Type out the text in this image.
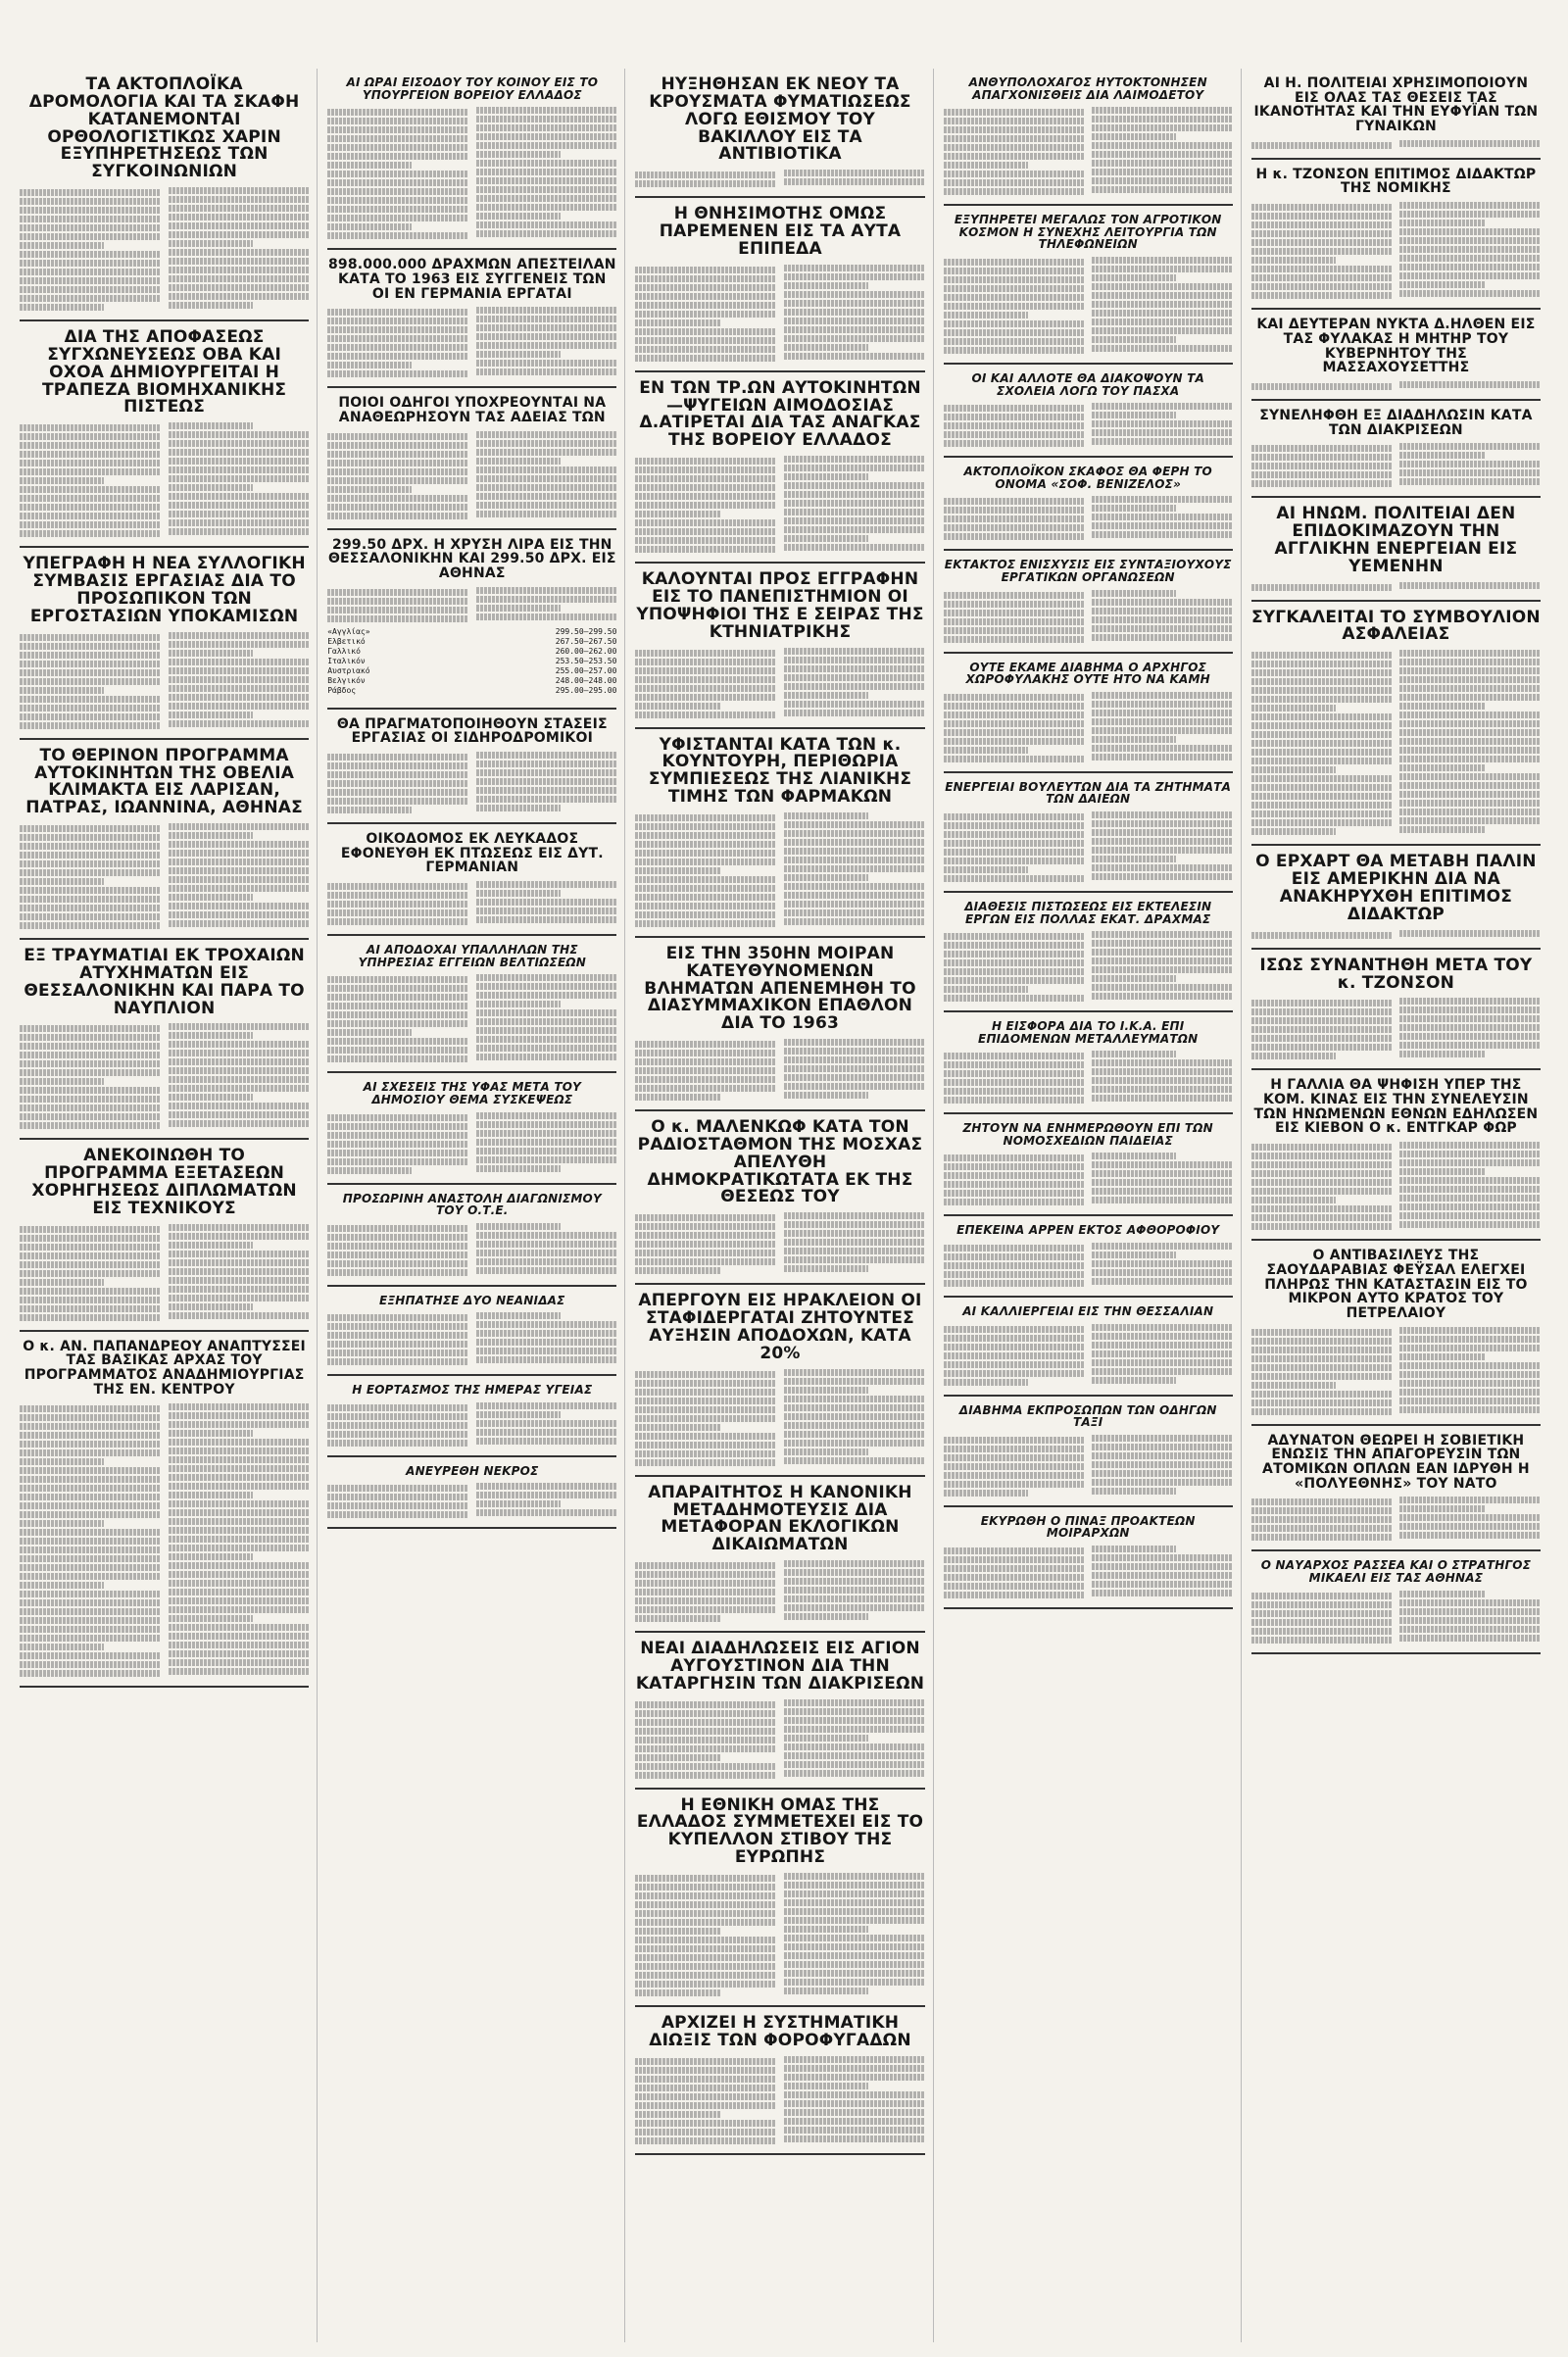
ΤΑ ΑΚΤΟΠΛΟΪΚΑ ΔΡΟΜΟΛΟΓΙΑ ΚΑΙ ΤΑ ΣΚΑΦΗ ΚΑΤΑΝΕΜΟΝΤΑΙ ΟΡΘΟΛΟΓΙΣΤΙΚΩΣ ΧΑΡΙΝ ΕΞΥΠΗΡΕΤΗΣΕΩΣ ΤΩΝ ΣΥΓΚΟΙΝΩΝΙΩΝ
ΔΙΑ ΤΗΣ ΑΠΟΦΑΣΕΩΣ ΣΥΓΧΩΝΕΥΣΕΩΣ ΟΒΑ ΚΑΙ ΟΧΟΑ ΔΗΜΙΟΥΡΓΕΙΤΑΙ Η ΤΡΑΠΕΖΑ ΒΙΟΜΗΧΑΝΙΚΗΣ ΠΙΣΤΕΩΣ
ΥΠΕΓΡΑΦΗ Η ΝΕΑ ΣΥΛΛΟΓΙΚΗ ΣΥΜΒΑΣΙΣ ΕΡΓΑΣΙΑΣ ΔΙΑ ΤΟ ΠΡΟΣΩΠΙΚΟΝ ΤΩΝ ΕΡΓΟΣΤΑΣΙΩΝ ΥΠΟΚΑΜΙΣΩΝ
ΤΟ ΘΕΡΙΝΟΝ ΠΡΟΓΡΑΜΜΑ ΑΥΤΟΚΙΝΗΤΩΝ ΤΗΣ ΟΒΕΛΙΑ ΚΛΙΜΑΚΤΑ ΕΙΣ ΛΑΡΙΣΑΝ, ΠΑΤΡΑΣ, ΙΩΑΝΝΙΝΑ, ΑΘΗΝΑΣ
ΕΞ ΤΡΑΥΜΑΤΙΑΙ ΕΚ ΤΡΟΧΑΙΩΝ ΑΤΥΧΗΜΑΤΩΝ ΕΙΣ ΘΕΣΣΑΛΟΝΙΚΗΝ ΚΑΙ ΠΑΡΑ ΤΟ ΝΑΥΠΛΙΟΝ
ΑΝΕΚΟΙΝΩΘΗ ΤΟ ΠΡΟΓΡΑΜΜΑ ΕΞΕΤΑΣΕΩΝ ΧΟΡΗΓΗΣΕΩΣ ΔΙΠΛΩΜΑΤΩΝ ΕΙΣ ΤΕΧΝΙΚΟΥΣ
Ο κ. ΑΝ. ΠΑΠΑΝΔΡΕΟΥ ΑΝΑΠΤΥΣΣΕΙ ΤΑΣ ΒΑΣΙΚΑΣ ΑΡΧΑΣ ΤΟΥ ΠΡΟΓΡΑΜΜΑΤΟΣ ΑΝΑΔΗΜΙΟΥΡΓΙΑΣ ΤΗΣ ΕΝ. ΚΕΝΤΡΟΥ
ΑΙ ΩΡΑΙ ΕΙΣΟΔΟΥ ΤΟΥ ΚΟΙΝΟΥ ΕΙΣ ΤΟ ΥΠΟΥΡΓΕΙΟΝ ΒΟΡΕΙΟΥ ΕΛΛΑΔΟΣ
898.000.000 ΔΡΑΧΜΩΝ ΑΠΕΣΤΕΙΛΑΝ ΚΑΤΑ ΤΟ 1963 ΕΙΣ ΣΥΓΓΕΝΕΙΣ ΤΩΝ ΟΙ ΕΝ ΓΕΡΜΑΝΙΑ ΕΡΓΑΤΑΙ
ΠΟΙΟΙ ΟΔΗΓΟΙ ΥΠΟΧΡΕΟΥΝΤΑΙ ΝΑ ΑΝΑΘΕΩΡΗΣΟΥΝ ΤΑΣ ΑΔΕΙΑΣ ΤΩΝ
299.50 ΔΡΧ. Η ΧΡΥΣΗ ΛΙΡΑ ΕΙΣ ΤΗΝ ΘΕΣΣΑΛΟΝΙΚΗΝ ΚΑΙ 299.50 ΔΡΧ. ΕΙΣ ΑΘΗΝΑΣ
«Αγγλίας»	299.50—299.50
Ελβετικό	267.50—267.50
Γαλλικό	260.00—262.00
Ιταλικόν	253.50—253.50
Αυστριακό	255.00—257.00
Βελγικόν	248.00—248.00
Ράβδος	295.00—295.00
ΘΑ ΠΡΑΓΜΑΤΟΠΟΙΗΘΟΥΝ ΣΤΑΣΕΙΣ ΕΡΓΑΣΙΑΣ ΟΙ ΣΙΔΗΡΟΔΡΟΜΙΚΟΙ
ΟΙΚΟΔΟΜΟΣ ΕΚ ΛΕΥΚΑΔΟΣ ΕΦΟΝΕΥΘΗ ΕΚ ΠΤΩΣΕΩΣ ΕΙΣ ΔΥΤ. ΓΕΡΜΑΝΙΑΝ
ΑΙ ΑΠΟΔΟΧΑΙ ΥΠΑΛΛΗΛΩΝ ΤΗΣ ΥΠΗΡΕΣΙΑΣ ΕΓΓΕΙΩΝ ΒΕΛΤΙΩΣΕΩΝ
ΑΙ ΣΧΕΣΕΙΣ ΤΗΣ ΥΦΑΣ ΜΕΤΑ ΤΟΥ ΔΗΜΟΣΙΟΥ ΘΕΜΑ ΣΥΣΚΕΨΕΩΣ
ΠΡΟΣΩΡΙΝΗ ΑΝΑΣΤΟΛΗ ΔΙΑΓΩΝΙΣΜΟΥ ΤΟΥ Ο.Τ.Ε.
ΕΞΗΠΑΤΗΣΕ ΔΥΟ ΝΕΑΝΙΔΑΣ
Η ΕΟΡΤΑΣΜΟΣ ΤΗΣ ΗΜΕΡΑΣ ΥΓΕΙΑΣ
ΑΝΕΥΡΕΘΗ ΝΕΚΡΟΣ
ΗΥΞΗΘΗΣΑΝ ΕΚ ΝΕΟΥ ΤΑ ΚΡΟΥΣΜΑΤΑ ΦΥΜΑΤΙΩΣΕΩΣ ΛΟΓΩ ΕΘΙΣΜΟΥ ΤΟΥ ΒΑΚΙΛΛΟΥ ΕΙΣ ΤΑ ΑΝΤΙΒΙΟΤΙΚΑ
Η ΘΝΗΣΙΜΟΤΗΣ ΟΜΩΣ ΠΑΡΕΜΕΝΕΝ ΕΙΣ ΤΑ ΑΥΤΑ ΕΠΙΠΕΔΑ
ΕΝ ΤΩΝ ΤΡ.ΩΝ ΑΥΤΟΚΙΝΗΤΩΝ—ΨΥΓΕΙΩΝ ΑΙΜΟΔΟΣΙΑΣ Δ.ΑΤΙΡΕΤΑΙ ΔΙΑ ΤΑΣ ΑΝΑΓΚΑΣ ΤΗΣ ΒΟΡΕΙΟΥ ΕΛΛΑΔΟΣ
ΚΑΛΟΥΝΤΑΙ ΠΡΟΣ ΕΓΓΡΑΦΗΝ ΕΙΣ ΤΟ ΠΑΝΕΠΙΣΤΗΜΙΟΝ ΟΙ ΥΠΟΨΗΦΙΟΙ ΤΗΣ Ε ΣΕΙΡΑΣ ΤΗΣ ΚΤΗΝΙΑΤΡΙΚΗΣ
ΥΦΙΣΤΑΝΤΑΙ ΚΑΤΑ ΤΩΝ κ. ΚΟΥΝΤΟΥΡΗ, ΠΕΡΙΘΩΡΙΑ ΣΥΜΠΙΕΣΕΩΣ ΤΗΣ ΛΙΑΝΙΚΗΣ ΤΙΜΗΣ ΤΩΝ ΦΑΡΜΑΚΩΝ
ΕΙΣ ΤΗΝ 350ΗΝ ΜΟΙΡΑΝ ΚΑΤΕΥΘΥΝΟΜΕΝΩΝ ΒΛΗΜΑΤΩΝ ΑΠΕΝΕΜΗΘΗ ΤΟ ΔΙΑΣΥΜΜΑΧΙΚΟΝ ΕΠΑΘΛΟΝ ΔΙΑ ΤΟ 1963
Ο κ. ΜΑΛΕΝΚΩΦ ΚΑΤΑ ΤΟΝ ΡΑΔΙΟΣΤΑΘΜΟΝ ΤΗΣ ΜΟΣΧΑΣ ΑΠΕΛΥΘΗ ΔΗΜΟΚΡΑΤΙΚΩΤΑΤΑ ΕΚ ΤΗΣ ΘΕΣΕΩΣ ΤΟΥ
ΑΠΕΡΓΟΥΝ ΕΙΣ ΗΡΑΚΛΕΙΟΝ ΟΙ ΣΤΑΦΙΔΕΡΓΑΤΑΙ ΖΗΤΟΥΝΤΕΣ ΑΥΞΗΣΙΝ ΑΠΟΔΟΧΩΝ, ΚΑΤΑ 20%
ΑΠΑΡΑΙΤΗΤΟΣ Η ΚΑΝΟΝΙΚΗ ΜΕΤΑΔΗΜΟΤΕΥΣΙΣ ΔΙΑ ΜΕΤΑΦΟΡΑΝ ΕΚΛΟΓΙΚΩΝ ΔΙΚΑΙΩΜΑΤΩΝ
ΝΕΑΙ ΔΙΑΔΗΛΩΣΕΙΣ ΕΙΣ ΑΓΙΟΝ ΑΥΓΟΥΣΤΙΝΟΝ ΔΙΑ ΤΗΝ ΚΑΤΑΡΓΗΣΙΝ ΤΩΝ ΔΙΑΚΡΙΣΕΩΝ
Η ΕΘΝΙΚΗ ΟΜΑΣ ΤΗΣ ΕΛΛΑΔΟΣ ΣΥΜΜΕΤΕΧΕΙ ΕΙΣ ΤΟ ΚΥΠΕΛΛΟΝ ΣΤΙΒΟΥ ΤΗΣ ΕΥΡΩΠΗΣ
ΑΡΧΙΖΕΙ Η ΣΥΣΤΗΜΑΤΙΚΗ ΔΙΩΞΙΣ ΤΩΝ ΦΟΡΟΦΥΓΑΔΩΝ
ΑΝΘΥΠΟΛΟΧΑΓΟΣ ΗΥΤΟΚΤΟΝΗΣΕΝ ΑΠΑΓΧΟΝΙΣΘΕΙΣ ΔΙΑ ΛΑΙΜΟΔΕΤΟΥ
ΕΞΥΠΗΡΕΤΕΙ ΜΕΓΑΛΩΣ ΤΟΝ ΑΓΡΟΤΙΚΟΝ ΚΟΣΜΟΝ Η ΣΥΝΕΧΗΣ ΛΕΙΤΟΥΡΓΙΑ ΤΩΝ ΤΗΛΕΦΩΝΕΙΩΝ
ΟΙ ΚΑΙ ΑΛΛΟΤΕ ΘΑ ΔΙΑΚΟΨΟΥΝ ΤΑ ΣΧΟΛΕΙΑ ΛΟΓΩ ΤΟΥ ΠΑΣΧΑ
ΑΚΤΟΠΛΟΪΚΟΝ ΣΚΑΦΟΣ ΘΑ ΦΕΡΗ ΤΟ ΟΝΟΜΑ «ΣΟΦ. ΒΕΝΙΖΕΛΟΣ»
ΕΚΤΑΚΤΟΣ ΕΝΙΣΧΥΣΙΣ ΕΙΣ ΣΥΝΤΑΞΙΟΥΧΟΥΣ ΕΡΓΑΤΙΚΩΝ ΟΡΓΑΝΩΣΕΩΝ
ΟΥΤΕ ΕΚΑΜΕ ΔΙΑΒΗΜΑ Ο ΑΡΧΗΓΟΣ ΧΩΡΟΦΥΛΑΚΗΣ ΟΥΤΕ ΗΤΟ ΝΑ ΚΑΜΗ
ΕΝΕΡΓΕΙΑΙ ΒΟΥΛΕΥΤΩΝ ΔΙΑ ΤΑ ΖΗΤΗΜΑΤΑ ΤΩΝ ΔΑΙΕΩΝ
ΔΙΑΘΕΣΙΣ ΠΙΣΤΩΣΕΩΣ ΕΙΣ ΕΚΤΕΛΕΣΙΝ ΕΡΓΩΝ ΕΙΣ ΠΟΛΛΑΣ ΕΚΑΤ. ΔΡΑΧΜΑΣ
Η ΕΙΣΦΟΡΑ ΔΙΑ ΤΟ Ι.Κ.Α. ΕΠΙ ΕΠΙΔΟΜΕΝΩΝ ΜΕΤΑΛΛΕΥΜΑΤΩΝ
ΖΗΤΟΥΝ ΝΑ ΕΝΗΜΕΡΩΘΟΥΝ ΕΠΙ ΤΩΝ ΝΟΜΟΣΧΕΔΙΩΝ ΠΑΙΔΕΙΑΣ
ΕΠΕΚΕΙΝΑ ΑΡΡΕΝ ΕΚΤΟΣ ΑΦΘΟΡΟΦΙΟΥ
ΑΙ ΚΑΛΛΙΕΡΓΕΙΑΙ ΕΙΣ ΤΗΝ ΘΕΣΣΑΛΙΑΝ
ΔΙΑΒΗΜΑ ΕΚΠΡΟΣΩΠΩΝ ΤΩΝ ΟΔΗΓΩΝ ΤΑΞΙ
ΕΚΥΡΩΘΗ Ο ΠΙΝΑΞ ΠΡΟΑΚΤΕΩΝ ΜΟΙΡΑΡΧΩΝ
ΑΙ Η. ΠΟΛΙΤΕΙΑΙ ΧΡΗΣΙΜΟΠΟΙΟΥΝ ΕΙΣ ΟΛΑΣ ΤΑΣ ΘΕΣΕΙΣ ΤΑΣ ΙΚΑΝΟΤΗΤΑΣ ΚΑΙ ΤΗΝ ΕΥΦΥΪΑΝ ΤΩΝ ΓΥΝΑΙΚΩΝ
Η κ. ΤΖΟΝΣΟΝ ΕΠΙΤΙΜΟΣ ΔΙΔΑΚΤΩΡ ΤΗΣ ΝΟΜΙΚΗΣ
ΚΑΙ ΔΕΥΤΕΡΑΝ ΝΥΚΤΑ Δ.ΗΛΘΕΝ ΕΙΣ ΤΑΣ ΦΥΛΑΚΑΣ Η ΜΗΤΗΡ ΤΟΥ ΚΥΒΕΡΝΗΤΟΥ ΤΗΣ ΜΑΣΣΑΧΟΥΣΕΤΤΗΣ
ΣΥΝΕΛΗΦΘΗ ΕΞ ΔΙΑΔΗΛΩΣΙΝ ΚΑΤΑ ΤΩΝ ΔΙΑΚΡΙΣΕΩΝ
ΑΙ ΗΝΩΜ. ΠΟΛΙΤΕΙΑΙ ΔΕΝ ΕΠΙΔΟΚΙΜΑΖΟΥΝ ΤΗΝ ΑΓΓΛΙΚΗΝ ΕΝΕΡΓΕΙΑΝ ΕΙΣ ΥΕΜΕΝΗΝ
ΣΥΓΚΑΛΕΙΤΑΙ ΤΟ ΣΥΜΒΟΥΛΙΟΝ ΑΣΦΑΛΕΙΑΣ
Ο ΕΡΧΑΡΤ ΘΑ ΜΕΤΑΒΗ ΠΑΛΙΝ ΕΙΣ ΑΜΕΡΙΚΗΝ ΔΙΑ ΝΑ ΑΝΑΚΗΡΥΧΘΗ ΕΠΙΤΙΜΟΣ ΔΙΔΑΚΤΩΡ
ΙΣΩΣ ΣΥΝΑΝΤΗΘΗ ΜΕΤΑ ΤΟΥ κ. ΤΖΟΝΣΟΝ
Η ΓΑΛΛΙΑ ΘΑ ΨΗΦΙΣΗ ΥΠΕΡ ΤΗΣ ΚΟΜ. ΚΙΝΑΣ ΕΙΣ ΤΗΝ ΣΥΝΕΛΕΥΣΙΝ ΤΩΝ ΗΝΩΜΕΝΩΝ ΕΘΝΩΝ ΕΔΗΛΩΣΕΝ ΕΙΣ ΚΙΕΒΟΝ Ο κ. ΕΝΤΓΚΑΡ ΦΩΡ
Ο ΑΝΤΙΒΑΣΙΛΕΥΣ ΤΗΣ ΣΑΟΥΔΑΡΑΒΙΑΣ ΦΕΫΣΑΛ ΕΛΕΓΧΕΙ ΠΛΗΡΩΣ ΤΗΝ ΚΑΤΑΣΤΑΣΙΝ ΕΙΣ ΤΟ ΜΙΚΡΟΝ ΑΥΤΟ ΚΡΑΤΟΣ ΤΟΥ ΠΕΤΡΕΛΑΙΟΥ
ΑΔΥΝΑΤΟΝ ΘΕΩΡΕΙ Η ΣΟΒΙΕΤΙΚΗ ΕΝΩΣΙΣ ΤΗΝ ΑΠΑΓΟΡΕΥΣΙΝ ΤΩΝ ΑΤΟΜΙΚΩΝ ΟΠΛΩΝ ΕΑΝ ΙΔΡΥΘΗ Η «ΠΟΛΥΕΘΝΗΣ» ΤΟΥ ΝΑΤΟ
Ο ΝΑΥΑΡΧΟΣ ΡΑΣΣΕΑ ΚΑΙ Ο ΣΤΡΑΤΗΓΟΣ ΜΙΚΑΕΛΙ ΕΙΣ ΤΑΣ ΑΘΗΝΑΣ
